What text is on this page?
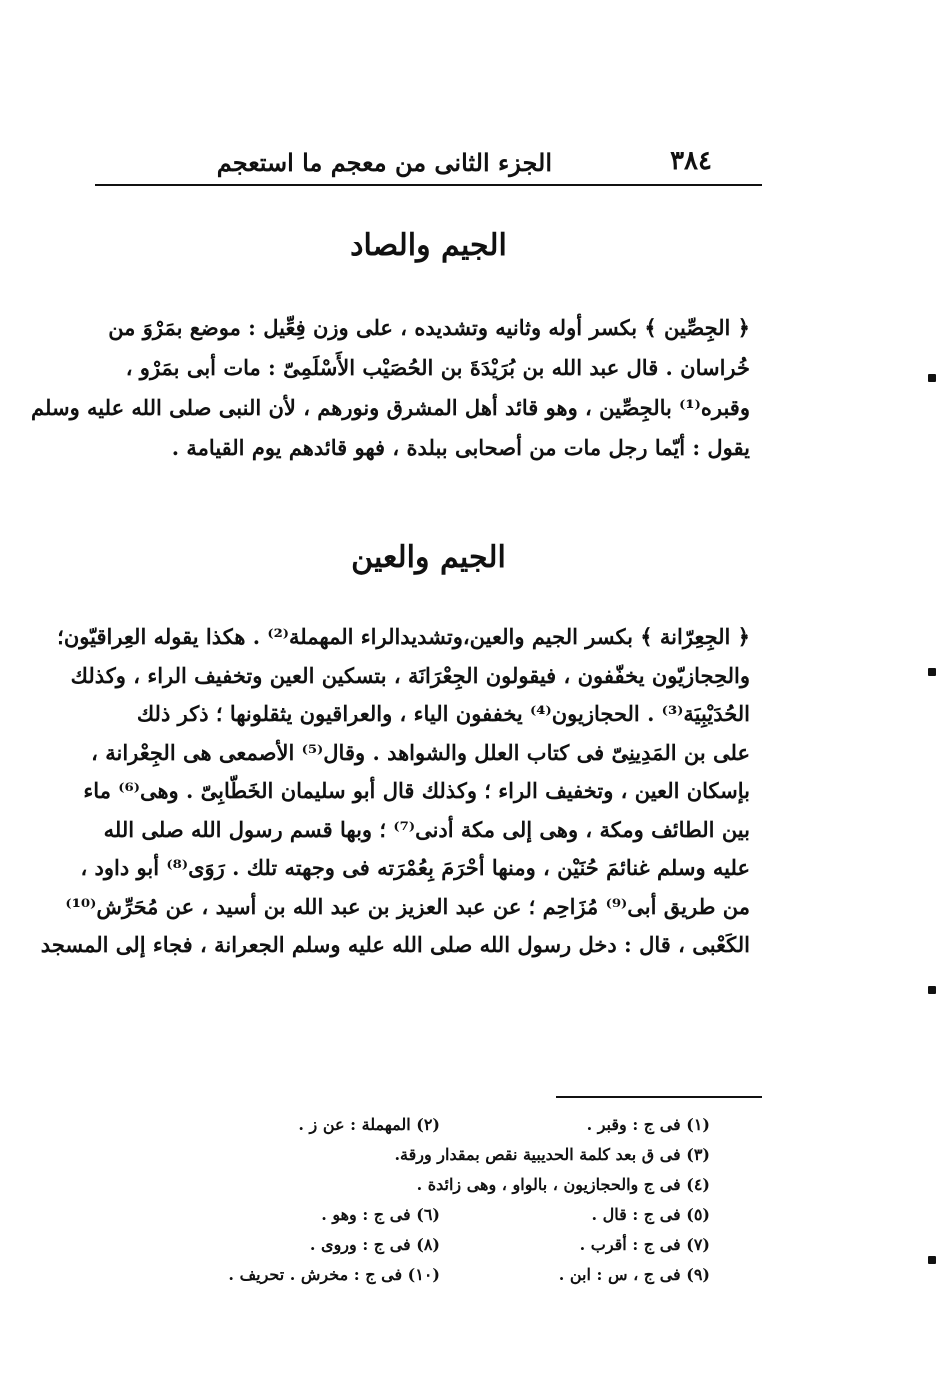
٣٨٤
الجزء الثانى من معجم ما استعجم
الجيم والصاد
﴿ الجِصِّين ﴾ بكسر أوله وثانيه وتشديده ، على وزن فِعِّيل : موضع بمَرْوَ من
خُراسان . قال عبد الله بن بُرَيْدَةَ بن الحُصَيْب الأَسْلَمِىّ : مات أبى بمَرْو ،
وقبره⁽¹⁾ بالجِصِّين ، وهو قائد أهل المشرق ونورهم ، لأن النبى صلى الله عليه وسلم
يقول : أيّما رجل مات من أصحابى ببلدة ، فهو قائدهم يوم القيامة .
الجيم والعين
﴿ الجِعِرّانة ﴾ بكسر الجيم والعين،وتشديدالراء المهملة⁽²⁾ . هكذا يقوله العِراقيّون؛
والحِجازيّون يخفّفون ، فيقولون الجِعْرَانَة ، بتسكين العين وتخفيف الراء ، وكذلك
الحُدَيْبِيَة⁽³⁾ . الحجازيون⁽⁴⁾ يخففون الياء ، والعراقيون يثقلونها ؛ ذكر ذلك
على بن المَدِينِىّ فى كتاب العلل والشواهد . وقال⁽⁵⁾ الأصمعى هى الجِعْرانة ،
بإسكان العين ، وتخفيف الراء ؛ وكذلك قال أبو سليمان الخَطّابِىّ . وهى⁽⁶⁾ ماء
بين الطائف ومكة ، وهى إلى مكة أدنى⁽⁷⁾ ؛ وبها قسم رسول الله صلى الله
عليه وسلم غنائمَ حُنَيْن ، ومنها أحْرَمَ بِعُمْرَته فى وجهته تلك . رَوَى⁽⁸⁾ أبو داود ،
من طريق أبى⁽⁹⁾ مُزَاحِم ؛ عن عبد العزيز بن عبد الله بن أسيد ، عن مُحَرِّش⁽¹⁰⁾
الكَعْبى ، قال : دخل رسول الله صلى الله عليه وسلم الجعرانة ، فجاء إلى المسجد
(١) فى ج : وقبر .
(٢) المهملة : عن ز .
(٣) فى ق بعد كلمة الحديبية نقص بمقدار ورقة.
(٤) فى ج والحجازيون ، بالواو ، وهى زائدة .
(٥) فى ج : قال .
(٦) فى ج : وهو .
(٧) فى ج : أقرب .
(٨) فى ج : وروى .
(٩) فى ج ، س : ابن .
(١٠) فى ج : مخرش . تحريف .
